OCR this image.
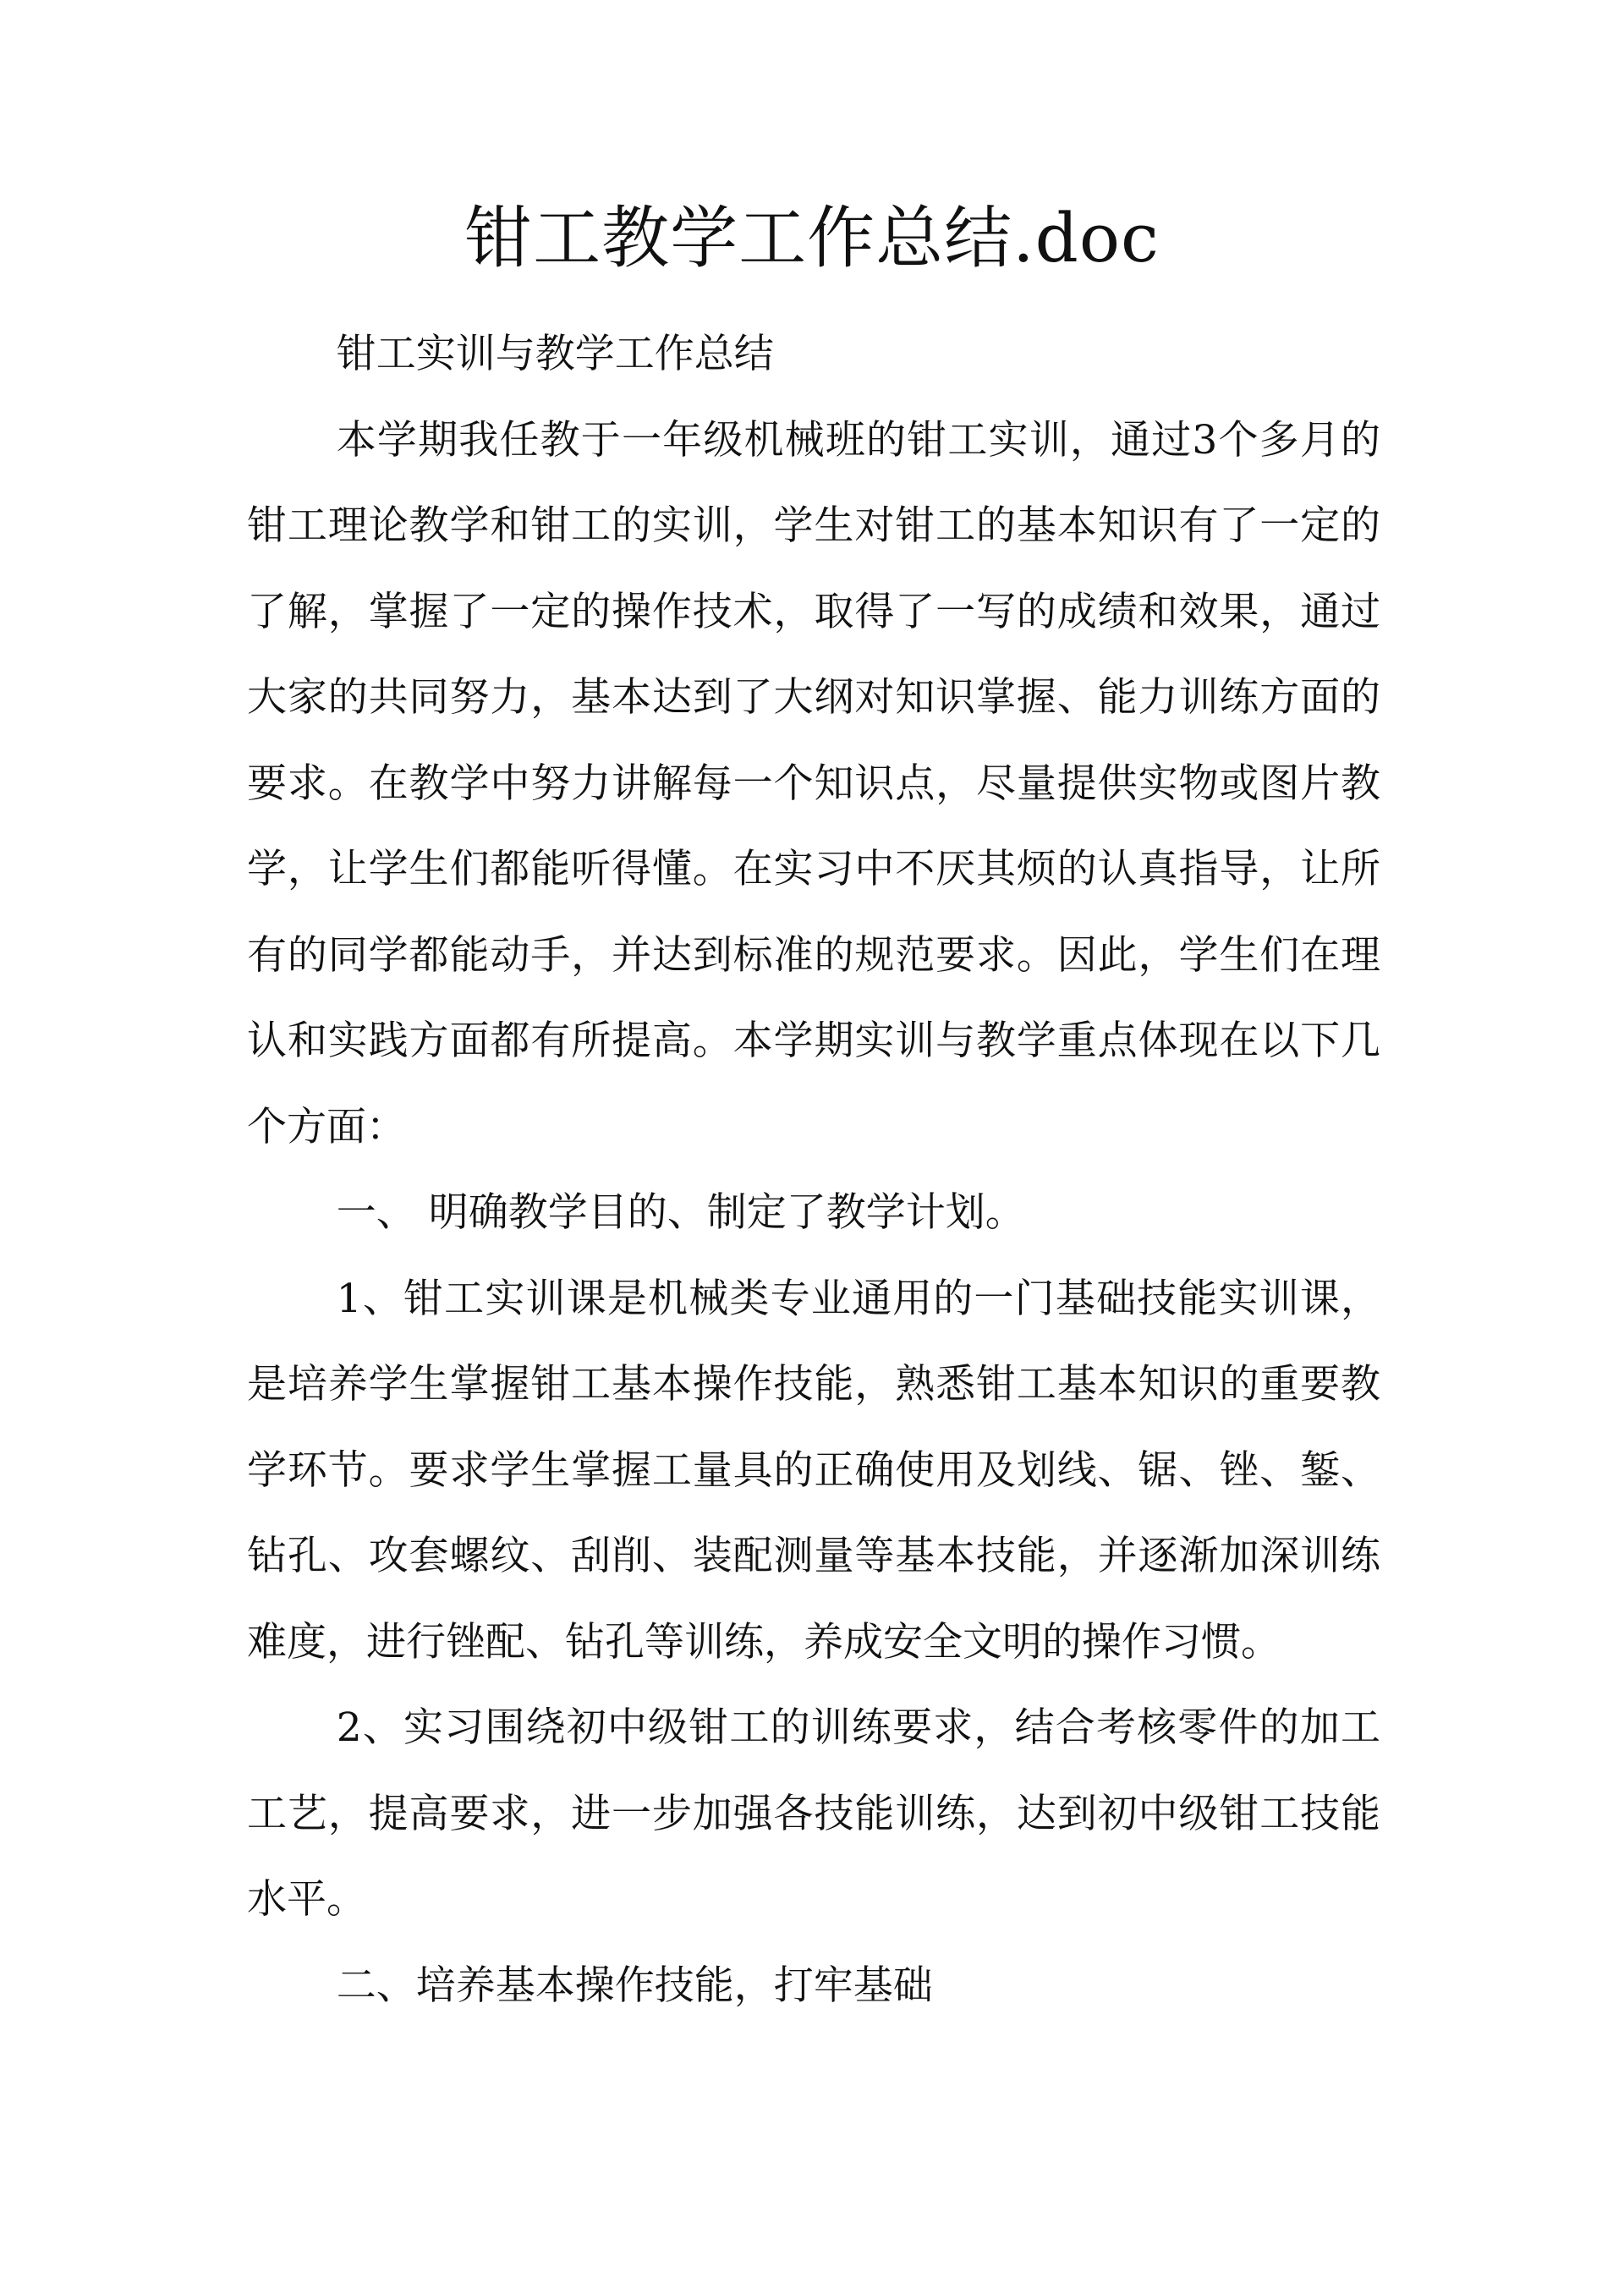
钳工教学工作总结.doc

钳工实训与教学工作总结

本学期我任教于一年级机械班的钳工实训，通过3个多月的钳工理论教学和钳工的实训，学生对钳工的基本知识有了一定的了解，掌握了一定的操作技术，取得了一写的成绩和效果，通过大家的共同努力，基本达到了大纲对知识掌握、能力训练方面的要求。在教学中努力讲解每一个知识点，尽量提供实物或图片教学，让学生们都能听得懂。在实习中不厌其烦的认真指导，让所有的同学都能动手，并达到标准的规范要求。因此，学生们在理认和实践方面都有所提高。本学期实训与教学重点体现在以下几个方面：

一、 明确教学目的、制定了教学计划。

1、钳工实训课是机械类专业通用的一门基础技能实训课，是培养学生掌握钳工基本操作技能，熟悉钳工基本知识的重要教学环节。要求学生掌握工量具的正确使用及划线、锯、锉、錾、钻孔、攻套螺纹、刮削、装配测量等基本技能，并逐渐加深训练难度，进行锉配、钻孔等训练，养成安全文明的操作习惯。

2、实习围绕初中级钳工的训练要求，结合考核零件的加工工艺，提高要求，进一步加强各技能训练，达到初中级钳工技能水平。

二、培养基本操作技能，打牢基础
